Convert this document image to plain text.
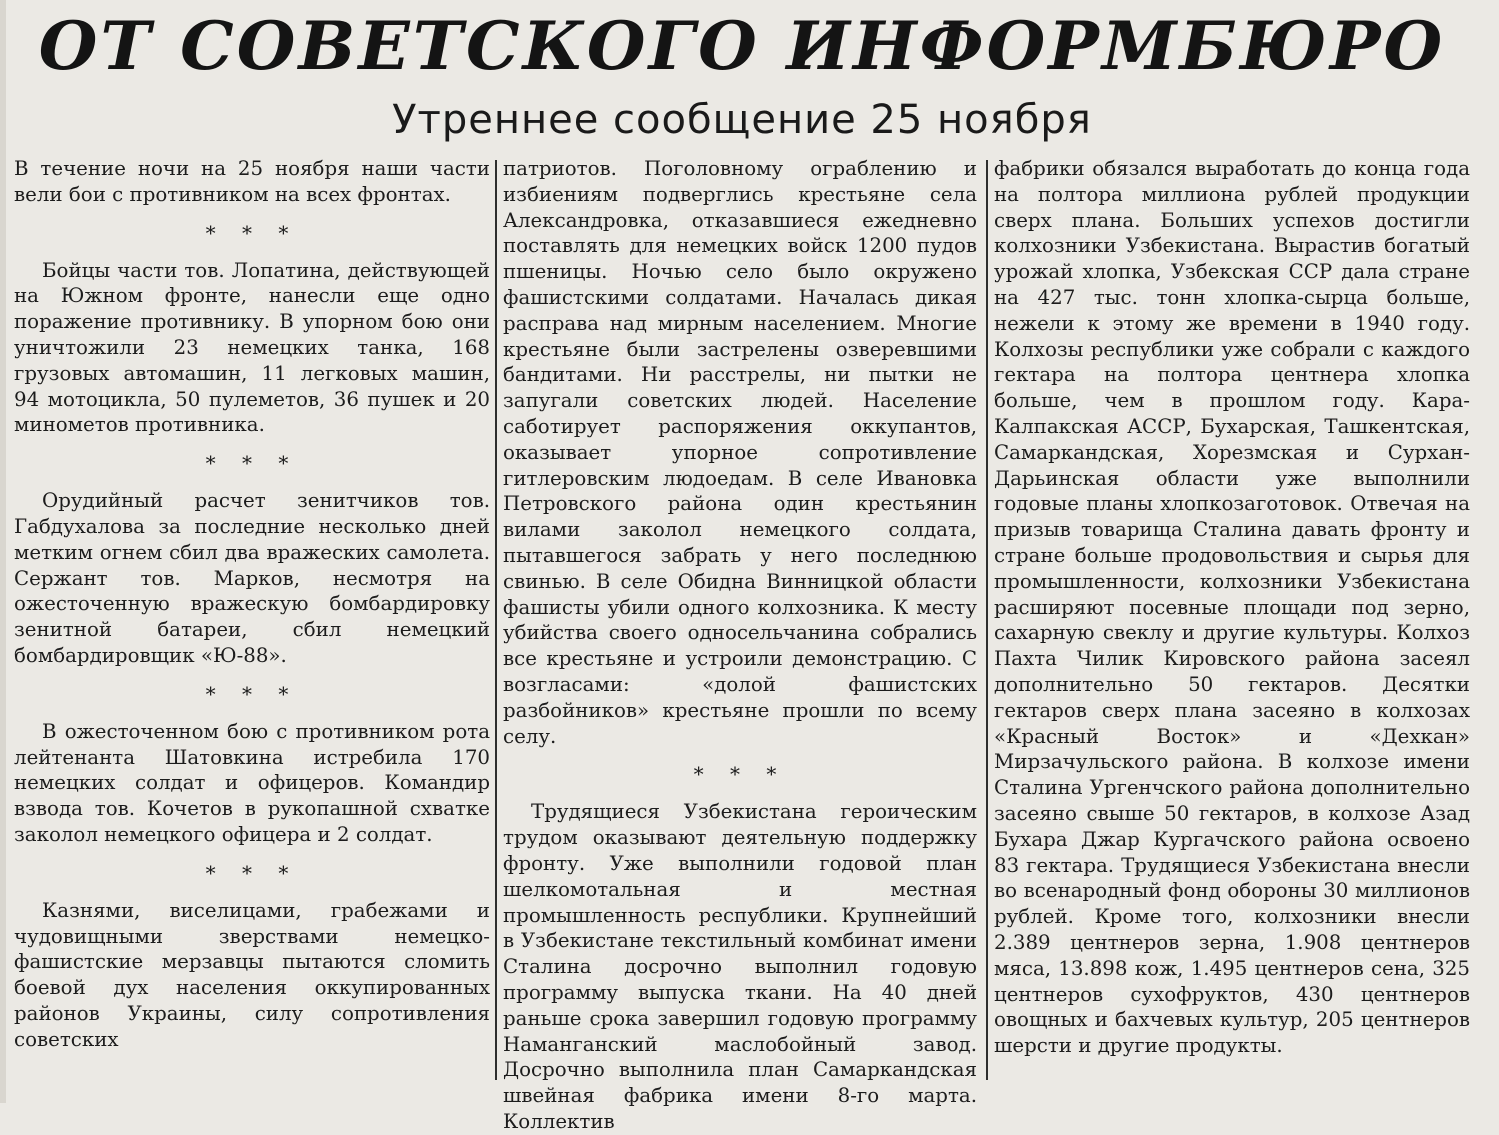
ОТ СОВЕТСКОГО ИНФОРМБЮРО
Утреннее сообщение 25 ноября

В течение ночи на 25 ноября наши части вели бои с противником на всех фронтах.

* * *

Бойцы части тов. Лопатина, действующей на Южном фронте, нанесли еще одно поражение противнику. В упорном бою они уничтожили 23 немецких танка, 168 грузовых автомашин, 11 легковых машин, 94 мотоцикла, 50 пулеметов, 36 пушек и 20 минометов противника.

* * *

Орудийный расчет зенитчиков тов. Габдухалова за последние несколько дней метким огнем сбил два вражеских самолета. Сержант тов. Марков, несмотря на ожесточенную вражескую бомбардировку зенитной батареи, сбил немецкий бомбардировщик «Ю-88».

* * *

В ожесточенном бою с противником рота лейтенанта Шатовкина истребила 170 немецких солдат и офицеров. Командир взвода тов. Кочетов в рукопашной схватке заколол немецкого офицера и 2 солдат.

* * *

Казнями, виселицами, грабежами и чудовищными зверствами немецко-фашистские мерзавцы пытаются сломить боевой дух населения оккупированных районов Украины, силу сопротивления советских

патриотов. Поголовному ограблению и избиениям подверглись крестьяне села Александровка, отказавшиеся ежедневно поставлять для немецких войск 1200 пудов пшеницы. Ночью село было окружено фашистскими солдатами. Началась дикая расправа над мирным населением. Многие крестьяне были застрелены озверевшими бандитами. Ни расстрелы, ни пытки не запугали советских людей. Население саботирует распоряжения оккупантов, оказывает упорное сопротивление гитлеровским людоедам. В селе Ивановка Петровского района один крестьянин вилами заколол немецкого солдата, пытавшегося забрать у него последнюю свинью. В селе Обидна Винницкой области фашисты убили одного колхозника. К месту убийства своего односельчанина собрались все крестьяне и устроили демонстрацию. С возгласами: «долой фашистских разбойников» крестьяне прошли по всему селу.

* * *

Трудящиеся Узбекистана героическим трудом оказывают деятельную поддержку фронту. Уже выполнили годовой план шелкомотальная и местная промышленность республики. Крупнейший в Узбекистане текстильный комбинат имени Сталина досрочно выполнил годовую программу выпуска ткани. На 40 дней раньше срока завершил годовую программу Наманганский маслобойный завод. Досрочно выполнила план Самаркандская швейная фабрика имени 8-го марта. Коллектив

фабрики обязался выработать до конца года на полтора миллиона рублей продукции сверх плана. Больших успехов достигли колхозники Узбекистана. Вырастив богатый урожай хлопка, Узбекская ССР дала стране на 427 тыс. тонн хлопка-сырца больше, нежели к этому же времени в 1940 году. Колхозы республики уже собрали с каждого гектара на полтора центнера хлопка больше, чем в прошлом году. Кара-Калпакская АССР, Бухарская, Ташкентская, Самаркандская, Хорезмская и Сурхан-Дарьинская области уже выполнили годовые планы хлопкозаготовок. Отвечая на призыв товарища Сталина давать фронту и стране больше продовольствия и сырья для промышленности, колхозники Узбекистана расширяют посевные площади под зерно, сахарную свеклу и другие культуры. Колхоз Пахта Чилик Кировского района засеял дополнительно 50 гектаров. Десятки гектаров сверх плана засеяно в колхозах «Красный Восток» и «Дехкан» Мирзачульского района. В колхозе имени Сталина Ургенчского района дополнительно засеяно свыше 50 гектаров, в колхозе Азад Бухара Джар Кургачского района освоено 83 гектара. Трудящиеся Узбекистана внесли во всенародный фонд обороны 30 миллионов рублей. Кроме того, колхозники внесли 2.389 центнеров зерна, 1.908 центнеров мяса, 13.898 кож, 1.495 центнеров сена, 325 центнеров сухофруктов, 430 центнеров овощных и бахчевых культур, 205 центнеров шерсти и другие продукты.
